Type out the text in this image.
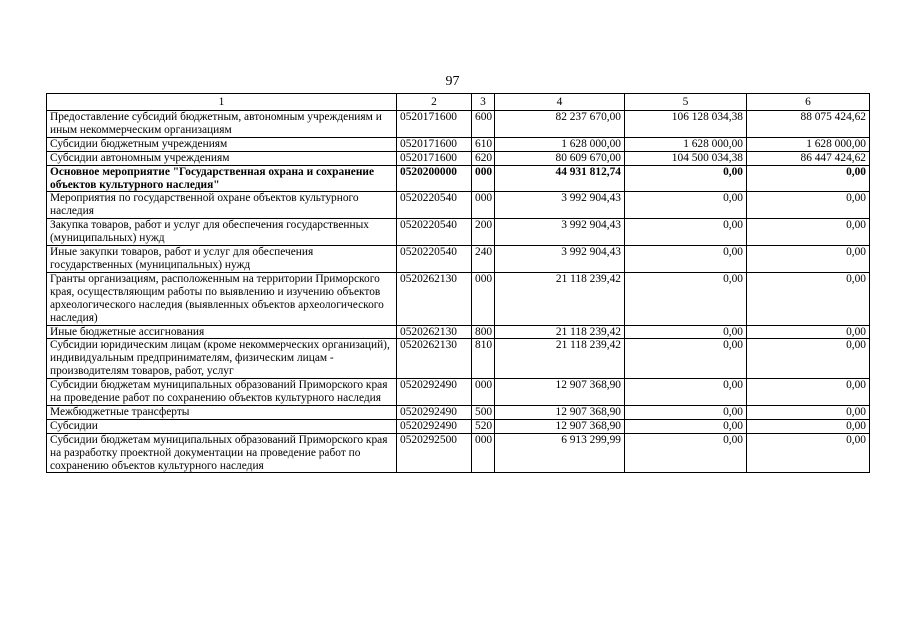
97
1	2	3	4	5	6
Предоставление субсидий бюджетным, автономным учреждениям и иным некоммерческим организациям	0520171600	600	82 237 670,00	106 128 034,38	88 075 424,62
Субсидии бюджетным учреждениям	0520171600	610	1 628 000,00	1 628 000,00	1 628 000,00
Субсидии автономным учреждениям	0520171600	620	80 609 670,00	104 500 034,38	86 447 424,62
Основное мероприятие "Государственная охрана и сохранение объектов культурного наследия"	0520200000	000	44 931 812,74	0,00	0,00
Мероприятия по государственной охране объектов культурного наследия	0520220540	000	3 992 904,43	0,00	0,00
Закупка товаров, работ и услуг для обеспечения государственных (муниципальных) нужд	0520220540	200	3 992 904,43	0,00	0,00
Иные закупки товаров, работ и услуг для обеспечения государственных (муниципальных) нужд	0520220540	240	3 992 904,43	0,00	0,00
Гранты организациям, расположенным на территории Приморского края, осуществляющим работы по выявлению и изучению объектов археологического наследия (выявленных объектов археологического наследия)	0520262130	000	21 118 239,42	0,00	0,00
Иные бюджетные ассигнования	0520262130	800	21 118 239,42	0,00	0,00
Субсидии юридическим лицам (кроме некоммерческих организаций), индивидуальным предпринимателям, физическим лицам - производителям товаров, работ, услуг	0520262130	810	21 118 239,42	0,00	0,00
Субсидии бюджетам муниципальных образований Приморского края на проведение работ по сохранению объектов культурного наследия	0520292490	000	12 907 368,90	0,00	0,00
Межбюджетные трансферты	0520292490	500	12 907 368,90	0,00	0,00
Субсидии	0520292490	520	12 907 368,90	0,00	0,00
Субсидии бюджетам муниципальных образований Приморского края на разработку проектной документации на проведение работ по сохранению объектов культурного наследия	0520292500	000	6 913 299,99	0,00	0,00
